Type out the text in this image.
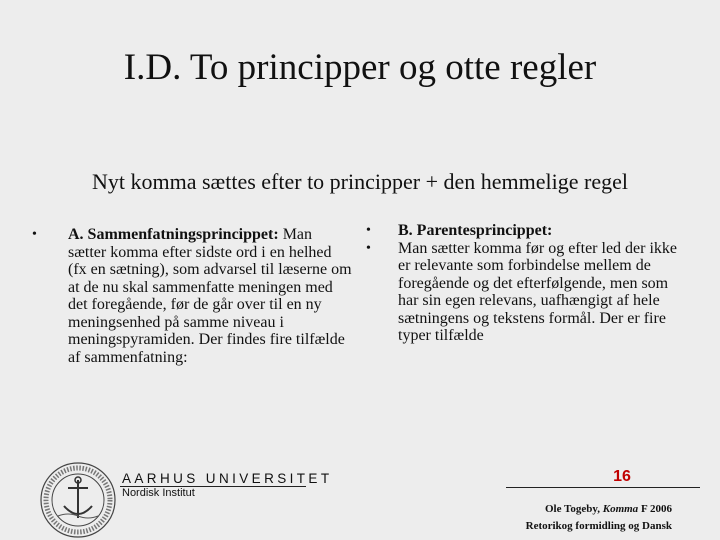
I.D. To principper og otte regler
Nyt komma sættes efter to principper + den hemmelige regel

•	A. Sammenfatningsprincippet: Man sætter komma efter sidste ord i en helhed (fx en sætning), som advarsel til læserne om at de nu skal sammenfatte meningen med det foregående, før de går over til en ny meningsenhed på samme niveau i meningspyramiden. Der findes fire tilfælde af sammenfatning:

•	B. Parentesprincippet:

•	Man sætter komma før og efter led der ikke er relevante som forbindelse mellem de foregående og det efterfølgende, men som har sin egen relevans, uafhængigt af hele sætningens og tekstens formål. Der er fire typer tilfælde

AARHUS UNIVERSITET
Nordisk Institut
16
Ole Togeby, Komma F 2006
Retorikog formidling og Dansk
